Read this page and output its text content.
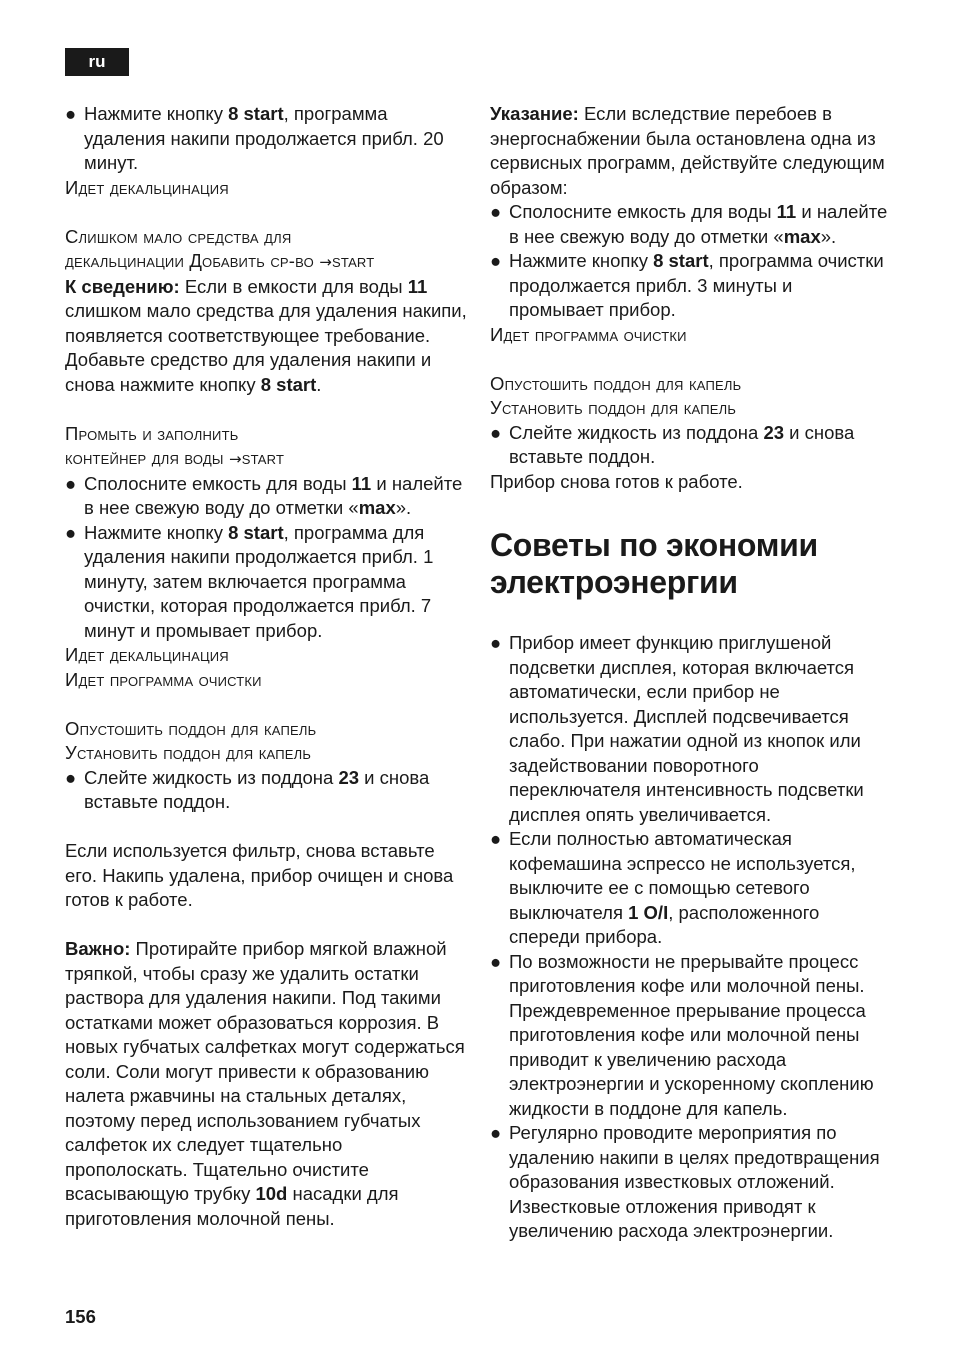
ru

● Нажмите кнопку 8 start, программа удаления накипи продолжается прибл. 20 минут.

Идет декальцинация

Слишком мало средства для

декальцинации Добавить ср-во →start

К сведению: Если в емкости для воды 11 слишком мало средства для удаления накипи, появляется соответствующее требование. Добавьте средство для удаления накипи и снова нажмите кнопку 8 start.

Промыть и заполнить

контейнер для воды →start

● Сполосните емкость для воды 11 и налейте в нее свежую воду до отметки «max».

● Нажмите кнопку 8 start, программа для удаления накипи продолжается прибл. 1 минуту, затем включается программа очистки, которая продолжается прибл. 7 минут и промывает прибор.

Идет декальцинация

Идет программа очистки

Опустошить поддон для капель

Установить поддон для капель

● Слейте жидкость из поддона 23 и снова вставьте поддон.

Если используется фильтр, снова вставьте его. Накипь удалена, прибор очищен и снова готов к работе.

Важно: Протирайте прибор мягкой влажной тряпкой, чтобы сразу же удалить остатки раствора для удаления накипи. Под такими остатками может образоваться коррозия. В новых губчатых салфетках могут содержаться соли. Соли могут привести к образованию налета ржавчины на стальных деталях, поэтому перед использованием губчатых салфеток их следует тщательно прополоскать. Тщательно очистите всасывающую трубку 10d насадки для приготовления молочной пены.

Указание: Если вследствие перебоев в энергоснабжении была остановлена одна из сервисных программ, действуйте следующим образом:

● Сполосните емкость для воды 11 и налейте в нее свежую воду до отметки «max».

● Нажмите кнопку 8 start, программа очистки продолжается прибл. 3 минуты и промывает прибор.

Идет программа очистки

Опустошить поддон для капель

Установить поддон для капель

● Слейте жидкость из поддона 23 и снова вставьте поддон.

Прибор снова готов к работе.

Советы по экономии
электроэнергии

● Прибор имеет функцию приглушеной подсветки дисплея, которая включается автоматически, если прибор не используется. Дисплей подсвечивается слабо. При нажатии одной из кнопок или задействовании поворотного переключателя интенсивность подсветки дисплея опять увеличивается.

● Если полностью автоматическая кофемашина эспрессо не используется, выключите ее с помощью сетевого выключателя 1 O/I, расположенного спереди прибора.

● По возможности не прерывайте процесс приготовления кофе или молочной пены. Преждевременное прерывание процесса приготовления кофе или молочной пены приводит к увеличению расхода электроэнергии и ускоренному скоплению жидкости в поддоне для капель.

● Регулярно проводите мероприятия по удалению накипи в целях предотвращения образования известковых отложений. Известковые отложения приводят к увеличению расхода электроэнергии.

156
